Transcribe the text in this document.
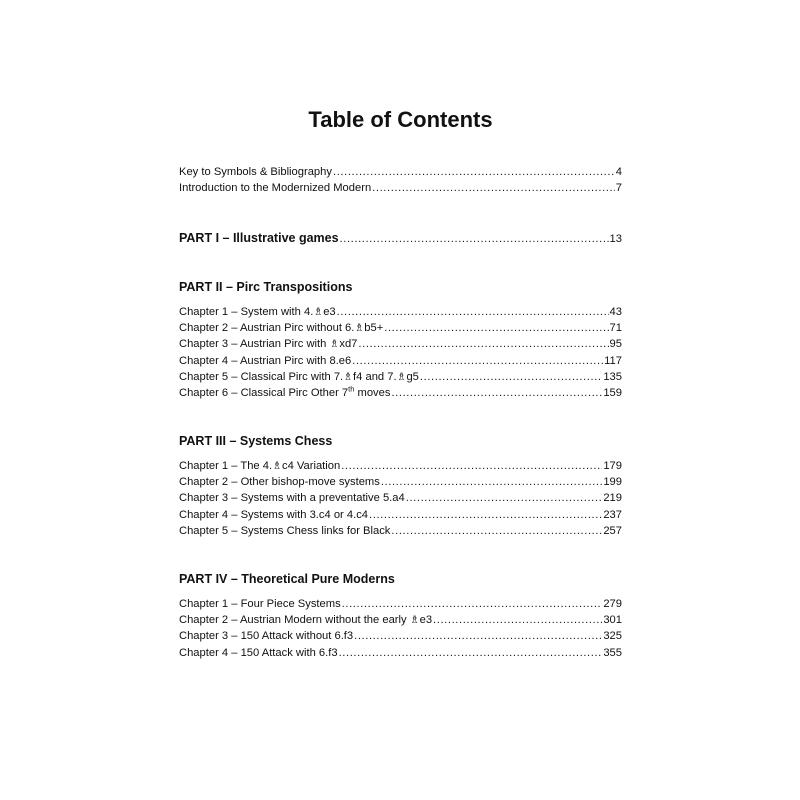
Table of Contents
Key to Symbols & Bibliography .....	4
Introduction to the Modernized Modern .....	7
PART I – Illustrative games .....	13
PART II – Pirc Transpositions
Chapter 1 – System with 4.♗e3 .....	43
Chapter 2 – Austrian Pirc without 6.♗b5+ .....	71
Chapter 3 – Austrian Pirc with ♗xd7 .....	95
Chapter 4 – Austrian Pirc with 8.e6 .....	117
Chapter 5 – Classical Pirc with 7.♗f4 and 7.♗g5 .....	135
Chapter 6 – Classical Pirc Other 7th moves .....	159
PART III – Systems Chess
Chapter 1 – The 4.♗c4 Variation .....	179
Chapter 2 – Other bishop-move systems .....	199
Chapter 3 – Systems with a preventative 5.a4 .....	219
Chapter 4 – Systems with 3.c4 or 4.c4 .....	237
Chapter 5 – Systems Chess links for Black .....	257
PART IV – Theoretical Pure Moderns
Chapter 1 – Four Piece Systems .....	279
Chapter 2 – Austrian Modern without the early ♗e3 .....	301
Chapter 3 – 150 Attack without 6.f3 .....	325
Chapter 4 – 150 Attack with 6.f3 .....	355
